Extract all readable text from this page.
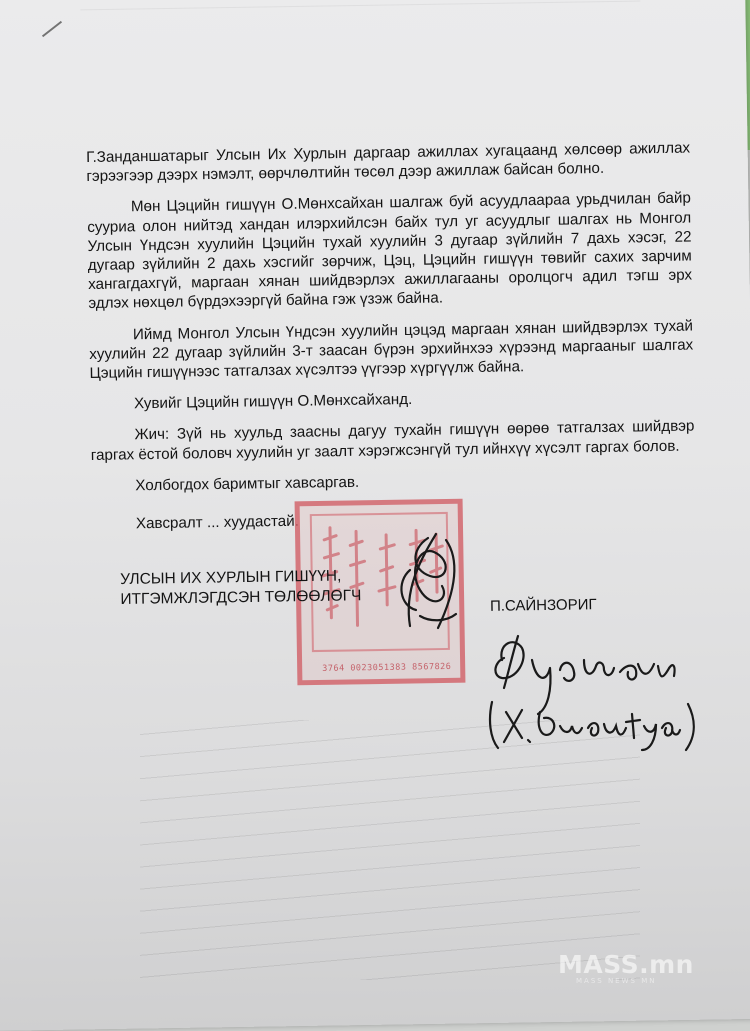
Г.Занданшатарыг Улсын Их Хурлын даргаар ажиллах хугацаанд хөлсөөр ажиллах гэрээгээр дээрх нэмэлт, өөрчлөлтийн төсөл дээр ажиллаж байсан болно.

Мөн Цэцийн гишүүн О.Мөнхсайхан шалгаж буй асуудлаараа урьдчилан байр сууриа олон нийтэд хандан илэрхийлсэн байх тул уг асуудлыг шалгах нь Монгол Улсын Үндсэн хуулийн Цэцийн тухай хуулийн 3 дугаар зүйлийн 7 дахь хэсэг, 22 дугаар зүйлийн 2 дахь хэсгийг зөрчиж, Цэц, Цэцийн гишүүн төвийг сахих зарчим хангагдахгүй, маргаан хянан шийдвэрлэх ажиллагааны оролцогч адил тэгш эрх эдлэх нөхцөл бүрдэхээргүй байна гэж үзэж байна.

Иймд Монгол Улсын Үндсэн хуулийн цэцэд маргаан хянан шийдвэрлэх тухай хуулийн 22 дугаар зүйлийн 3-т заасан бүрэн эрхийнхээ хүрээнд маргааныг шалгах Цэцийн гишүүнээс татгалзах хүсэлтээ үүгээр хүргүүлж байна.

Хувийг Цэцийн гишүүн О.Мөнхсайханд.

Жич: Зүй нь хуульд заасны дагуу тухайн гишүүн өөрөө татгалзах шийдвэр гаргах ёстой боловч хуулийн уг заалт хэрэгжсэнгүй тул ийнхүү хүсэлт гаргах болов.

Холбогдох баримтыг хавсаргав.

Хавсралт ... хуудастай.

3764 0023051383 8567826
УЛСЫН ИХ ХУРЛЫН ГИШҮҮН,
ИТГЭМЖЛЭГДСЭН ТӨЛӨӨЛӨГЧ	П.САЙНЗОРИГ
MASS.mn
MASS NEWS MN
